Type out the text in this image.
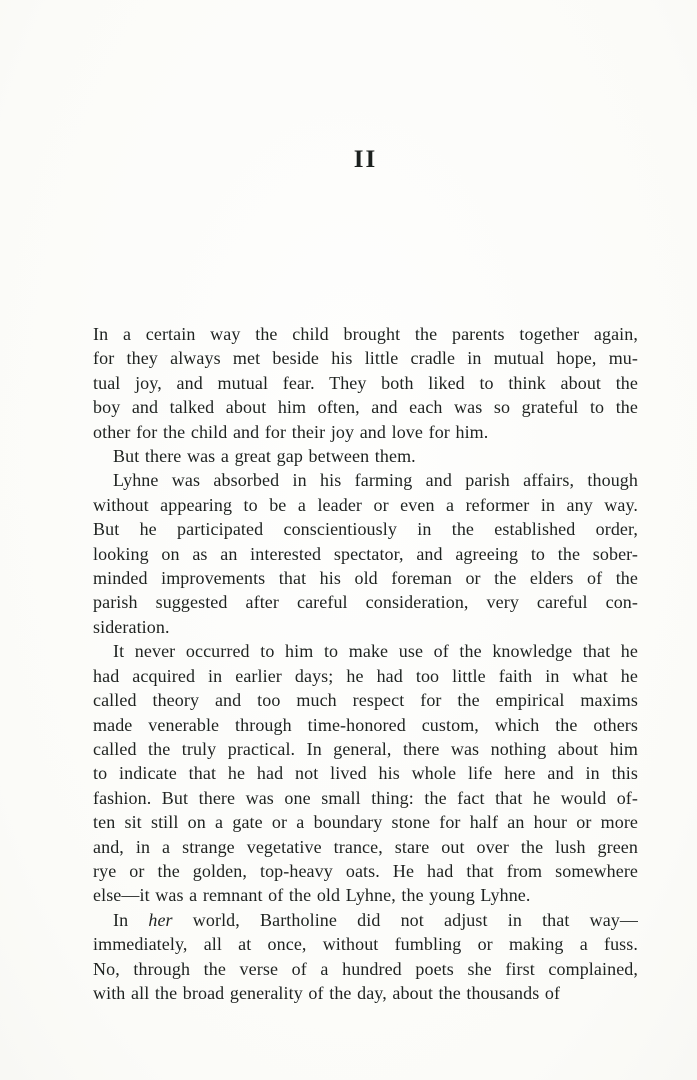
II
In a certain way the child brought the parents together again,
for they always met beside his little cradle in mutual hope, mu-
tual joy, and mutual fear. They both liked to think about the
boy and talked about him often, and each was so grateful to the
other for the child and for their joy and love for him.
But there was a great gap between them.
Lyhne was absorbed in his farming and parish affairs, though
without appearing to be a leader or even a reformer in any way.
But he participated conscientiously in the established order,
looking on as an interested spectator, and agreeing to the sober-
minded improvements that his old foreman or the elders of the
parish suggested after careful consideration, very careful con-
sideration.
It never occurred to him to make use of the knowledge that he
had acquired in earlier days; he had too little faith in what he
called theory and too much respect for the empirical maxims
made venerable through time-honored custom, which the others
called the truly practical. In general, there was nothing about him
to indicate that he had not lived his whole life here and in this
fashion. But there was one small thing: the fact that he would of-
ten sit still on a gate or a boundary stone for half an hour or more
and, in a strange vegetative trance, stare out over the lush green
rye or the golden, top-heavy oats. He had that from somewhere
else—it was a remnant of the old Lyhne, the young Lyhne.
In her world, Bartholine did not adjust in that way—
immediately, all at once, without fumbling or making a fuss.
No, through the verse of a hundred poets she first complained,
with all the broad generality of the day, about the thousands of
